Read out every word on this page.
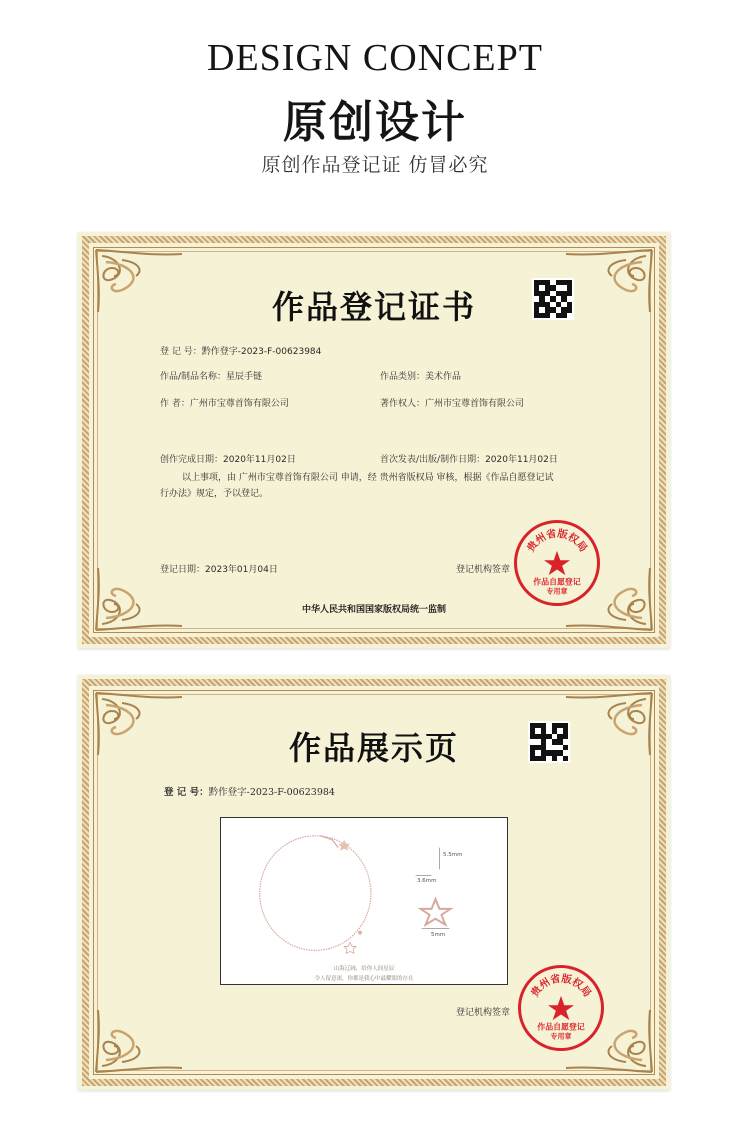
DESIGN CONCEPT
原创设计
原创作品登记证 仿冒必究
作品登记证书
登 记 号：黔作登字-2023-F-00623984
作品/制品名称：星辰手链	作品类别：美术作品
作 者：广州市宝尊首饰有限公司	著作权人：广州市宝尊首饰有限公司
创作完成日期：2020年11月02日	首次发表/出版/制作日期：2020年11月02日
以上事项，由 广州市宝尊首饰有限公司 申请，经 贵州省版权局 审核，根据《作品自愿登记试
行办法》规定，予以登记。
登记日期：2023年01月04日	登记机构签章
贵州省版权局
作品自愿登记
专用章
中华人民共和国国家版权局统一监制
作品展示页
登 记 号：黔作登字-2023-F-00623984
5.5mm
3.6mm
5mm
山海辽阔，给你人间星辰
令人留意深，你都是我心中最耀眼的存在
登记机构签章
贵州省版权局
作品自愿登记
专用章
